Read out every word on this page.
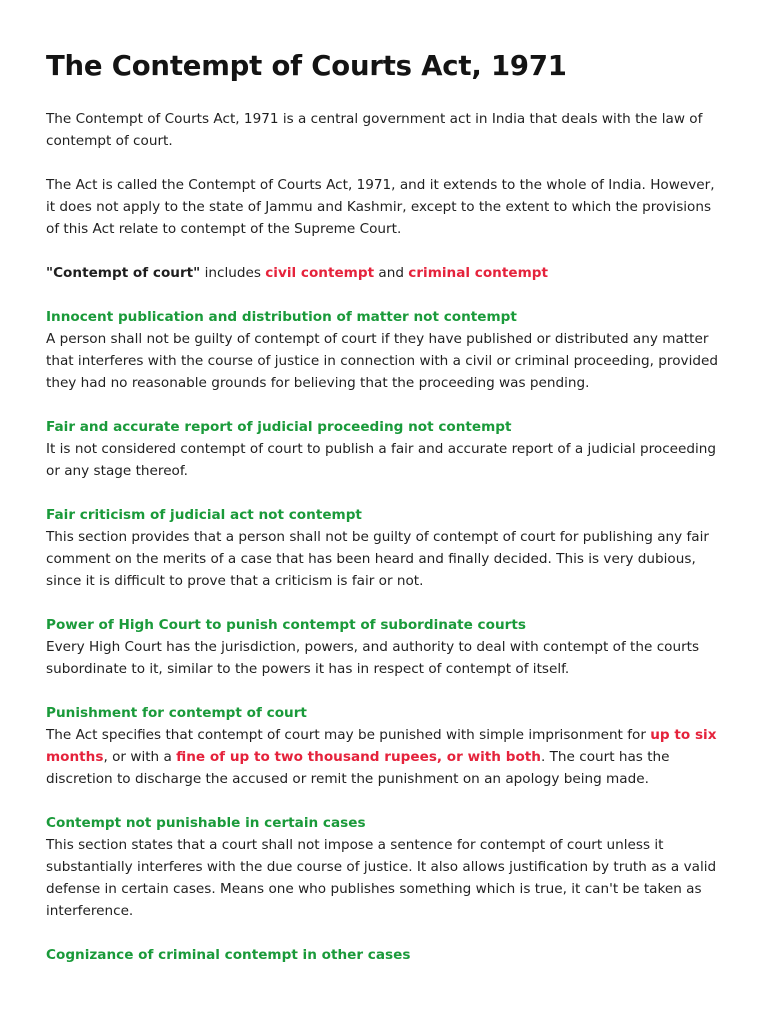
The Contempt of Courts Act, 1971

The Contempt of Courts Act, 1971 is a central government act in India that deals with the law of contempt of court.

The Act is called the Contempt of Courts Act, 1971, and it extends to the whole of India. However, it does not apply to the state of Jammu and Kashmir, except to the extent to which the provisions of this Act relate to contempt of the Supreme Court.

"Contempt of court" includes civil contempt and criminal contempt

Innocent publication and distribution of matter not contempt

A person shall not be guilty of contempt of court if they have published or distributed any matter that interferes with the course of justice in connection with a civil or criminal proceeding, provided they had no reasonable grounds for believing that the proceeding was pending.

Fair and accurate report of judicial proceeding not contempt

It is not considered contempt of court to publish a fair and accurate report of a judicial proceeding or any stage thereof.

Fair criticism of judicial act not contempt

This section provides that a person shall not be guilty of contempt of court for publishing any fair comment on the merits of a case that has been heard and finally decided. This is very dubious, since it is difficult to prove that a criticism is fair or not.

Power of High Court to punish contempt of subordinate courts

Every High Court has the jurisdiction, powers, and authority to deal with contempt of the courts subordinate to it, similar to the powers it has in respect of contempt of itself.

Punishment for contempt of court

The Act specifies that contempt of court may be punished with simple imprisonment for up to six months, or with a fine of up to two thousand rupees, or with both. The court has the discretion to discharge the accused or remit the punishment on an apology being made.

Contempt not punishable in certain cases

This section states that a court shall not impose a sentence for contempt of court unless it substantially interferes with the due course of justice. It also allows justification by truth as a valid defense in certain cases. Means one who publishes something which is true, it can't be taken as interference.

Cognizance of criminal contempt in other cases
